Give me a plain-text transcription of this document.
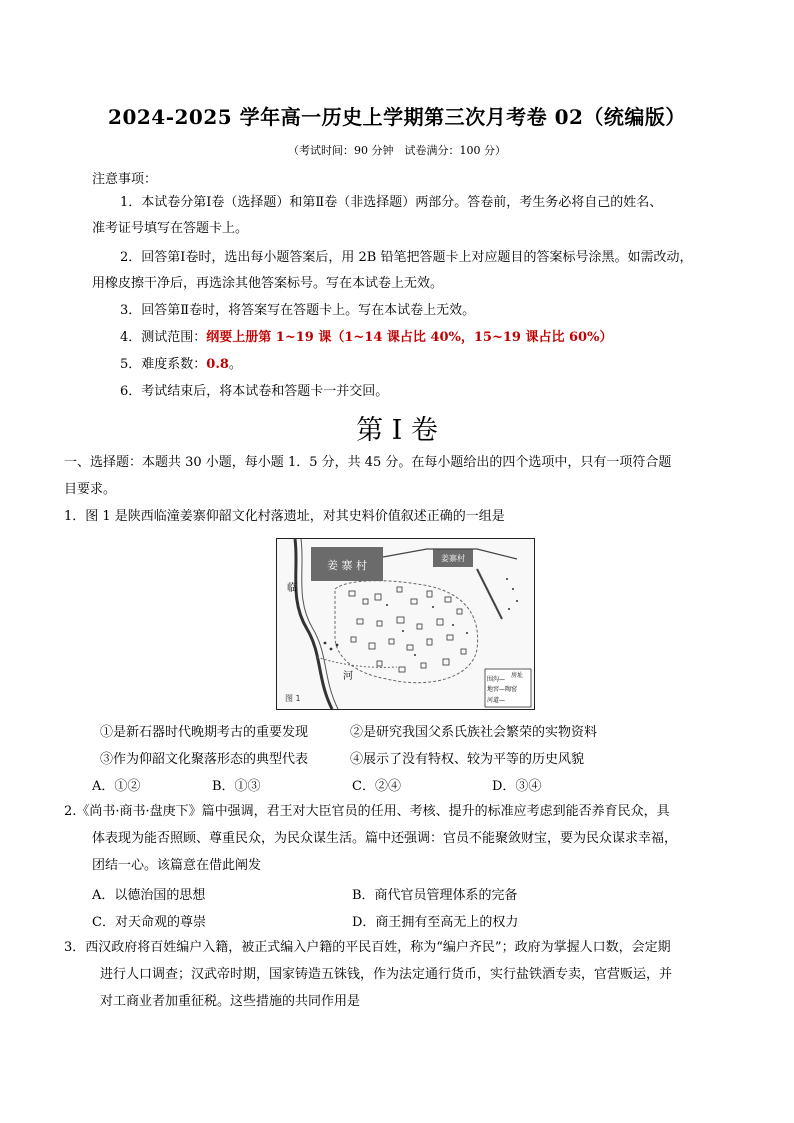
2024-2025 学年高一历史上学期第三次月考卷 02（统编版）
（考试时间：90 分钟　试卷满分：100 分）
注意事项：
1．本试卷分第Ⅰ卷（选择题）和第Ⅱ卷（非选择题）两部分。答卷前，考生务必将自己的姓名、
准考证号填写在答题卡上。
2．回答第Ⅰ卷时，选出每小题答案后，用 2B 铅笔把答题卡上对应题目的答案标号涂黑。如需改动，
用橡皮擦干净后，再选涂其他答案标号。写在本试卷上无效。
3．回答第Ⅱ卷时，将答案写在答题卡上。写在本试卷上无效。
4．测试范围：纲要上册第 1~19 课（1~14 课占比 40%，15~19 课占比 60%）
5．难度系数：0.8。
6．考试结束后，将本试卷和答题卡一并交回。
第 I 卷
一、选择题：本题共 30 小题，每小题 1．5 分，共 45 分。在每小题给出的四个选项中，只有一项符合题
目要求。
1．图 1 是陕西临潼姜寨仰韶文化村落遗址，对其史料价值叙述正确的一组是
姜 寨 村
姜寨村
临
河
图 1
围沟—
房址
地窖—陶窑
河道—
①是新石器时代晚期考古的重要发现	②是研究我国父系氏族社会繁荣的实物资料
③作为仰韶文化聚落形态的典型代表	④展示了没有特权、较为平等的历史风貌
A．①②	B．①③	C．②④	D．③④
2.《尚书·商书·盘庚下》篇中强调，君王对大臣官员的任用、考核、提升的标准应考虑到能否养育民众，具
体表现为能否照顾、尊重民众，为民众谋生活。篇中还强调：官员不能聚敛财宝，要为民众谋求幸福，
团结一心。该篇意在借此阐发
A．以德治国的思想	B．商代官员管理体系的完备
C．对天命观的尊崇	D．商王拥有至高无上的权力
3．西汉政府将百姓编户入籍，被正式编入户籍的平民百姓，称为“编户齐民”；政府为掌握人口数，会定期
进行人口调查；汉武帝时期，国家铸造五铢钱，作为法定通行货币，实行盐铁酒专卖，官营贩运，并
对工商业者加重征税。这些措施的共同作用是
